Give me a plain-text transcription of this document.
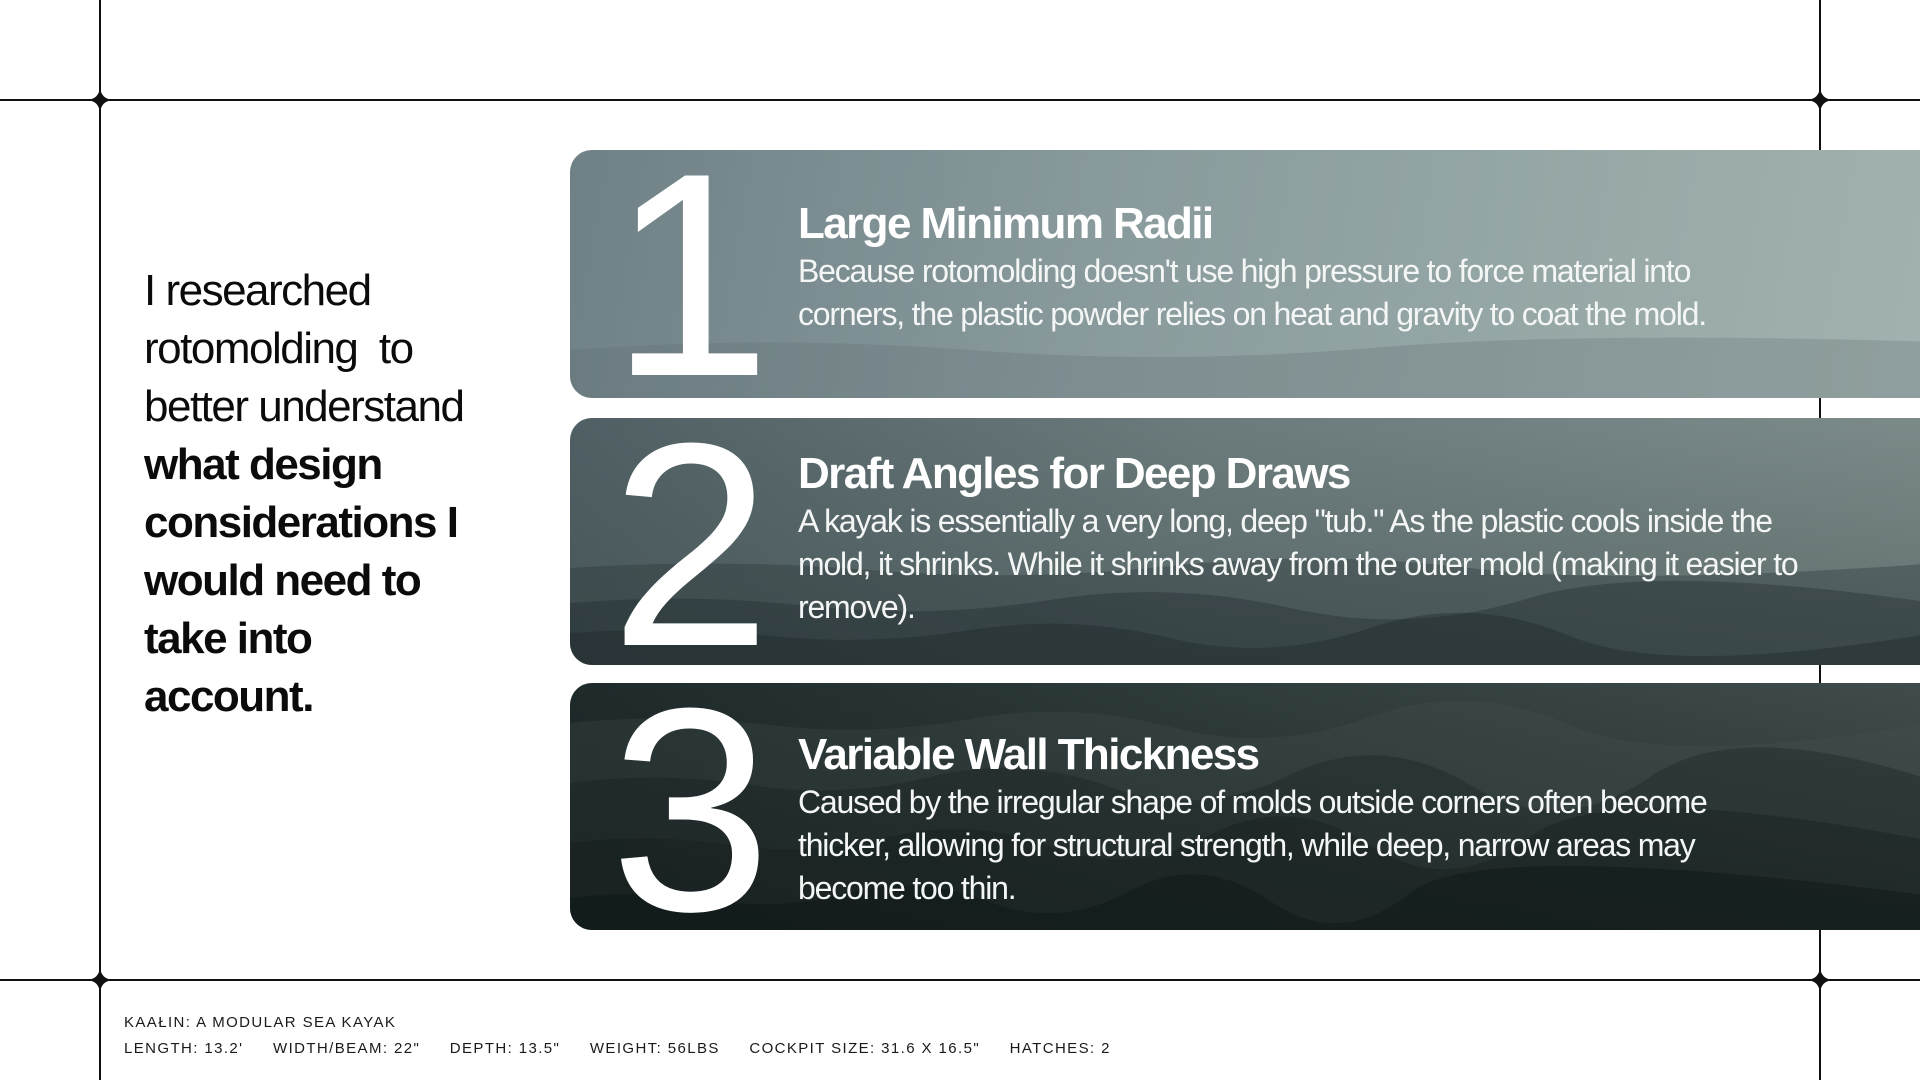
I researched
rotomolding  to
better understand
what design
considerations I
would need to
take into
account.

1 Large Minimum Radii

Because rotomolding doesn't use high pressure to force material into corners, the plastic powder relies on heat and gravity to coat the mold.

2 Draft Angles for Deep Draws

A kayak is essentially a very long, deep "tub." As the plastic cools inside the mold, it shrinks. While it shrinks away from the outer mold (making it easier to remove).

3 Variable Wall Thickness

Caused by the irregular shape of molds outside corners often become thicker, allowing for structural strength, while deep, narrow areas may become too thin.

KAAŁIN: A MODULAR SEA KAYAK
LENGTH: 13.2' WIDTH/BEAM: 22" DEPTH: 13.5" WEIGHT: 56LBS COCKPIT SIZE: 31.6 X 16.5" HATCHES: 2
